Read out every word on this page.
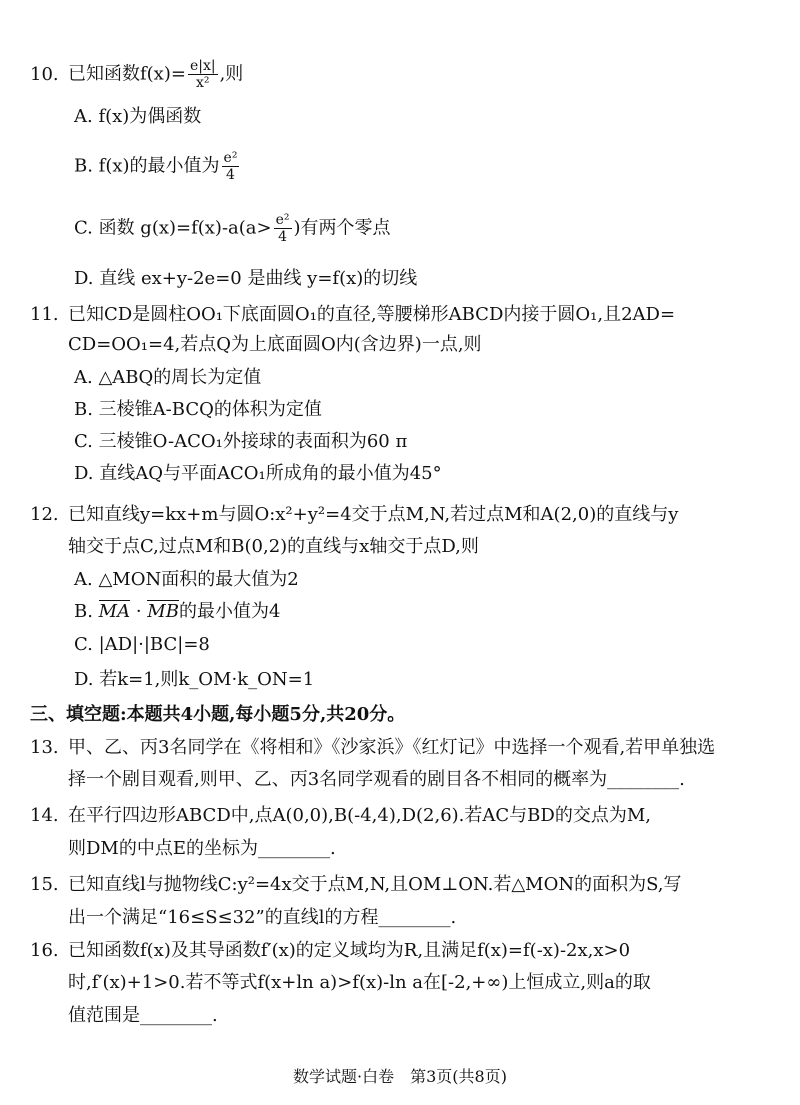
10. 已知函数$f(x)= \frac{e|x|}{\text{x²}}$ ,则
A. f(x)为偶函数
B. f(x)的最小值为 $\frac{\text{e²}}{4}$
C. 函数 $g(x)=f(x)-a(a> \frac{\text{e²}}{4}$ )有两个零点
D. 直线 ex+y-2e=0 是曲线 y=f(x)的切线
11. 已知CD是圆柱OO₁下底面圆O₁的直径,等腰梯形ABCD内接于圆O₁,且2AD=
CD=OO₁=4,若点Q为上底面圆O内(含边界)一点,则
A. △ABQ的周长为定值
B. 三棱锥A-BCQ的体积为定值
C. 三棱锥O-ACO₁外接球的表面积为60 π
D. 直线AQ与平面ACO₁所成角的最小值为45°
12. 已知直线y=kx+m与圆O:x²+y²=4交于点M,N,若过点M和A(2,0)的直线与y
轴交于点C,过点M和B(0,2)的直线与x轴交于点D,则
A. △MON面积的最大值为2
B. MA · MB的最小值为4
C. |AD|·|BC|=8
D. 若k=1,则k_OM·k_ON=1
三、填空题:本题共4小题,每小题5分,共20分。
13. 甲、乙、丙3名同学在《将相和》《沙家浜》《红灯记》中选择一个观看,若甲单独选
择一个剧目观看,则甲、乙、丙3名同学观看的剧目各不相同的概率为________.
14. 在平行四边形ABCD中,点A(0,0),B(-4,4),D(2,6).若AC与BD的交点为M,
则DM的中点E的坐标为________.
15. 已知直线l与抛物线C:y²=4x交于点M,N,且OM⊥ON.若△MON的面积为S,写
出一个满足“16≤S≤32”的直线l的方程________.
16. 已知函数f(x)及其导函数f′(x)的定义域均为R,且满足f(x)=f(-x)-2x,x>0
时,f′(x)+1>0.若不等式f(x+ln a)>f(x)-ln a在[-2,+∞)上恒成立,则a的取
值范围是________.
数学试题·白卷　第3页(共8页)
